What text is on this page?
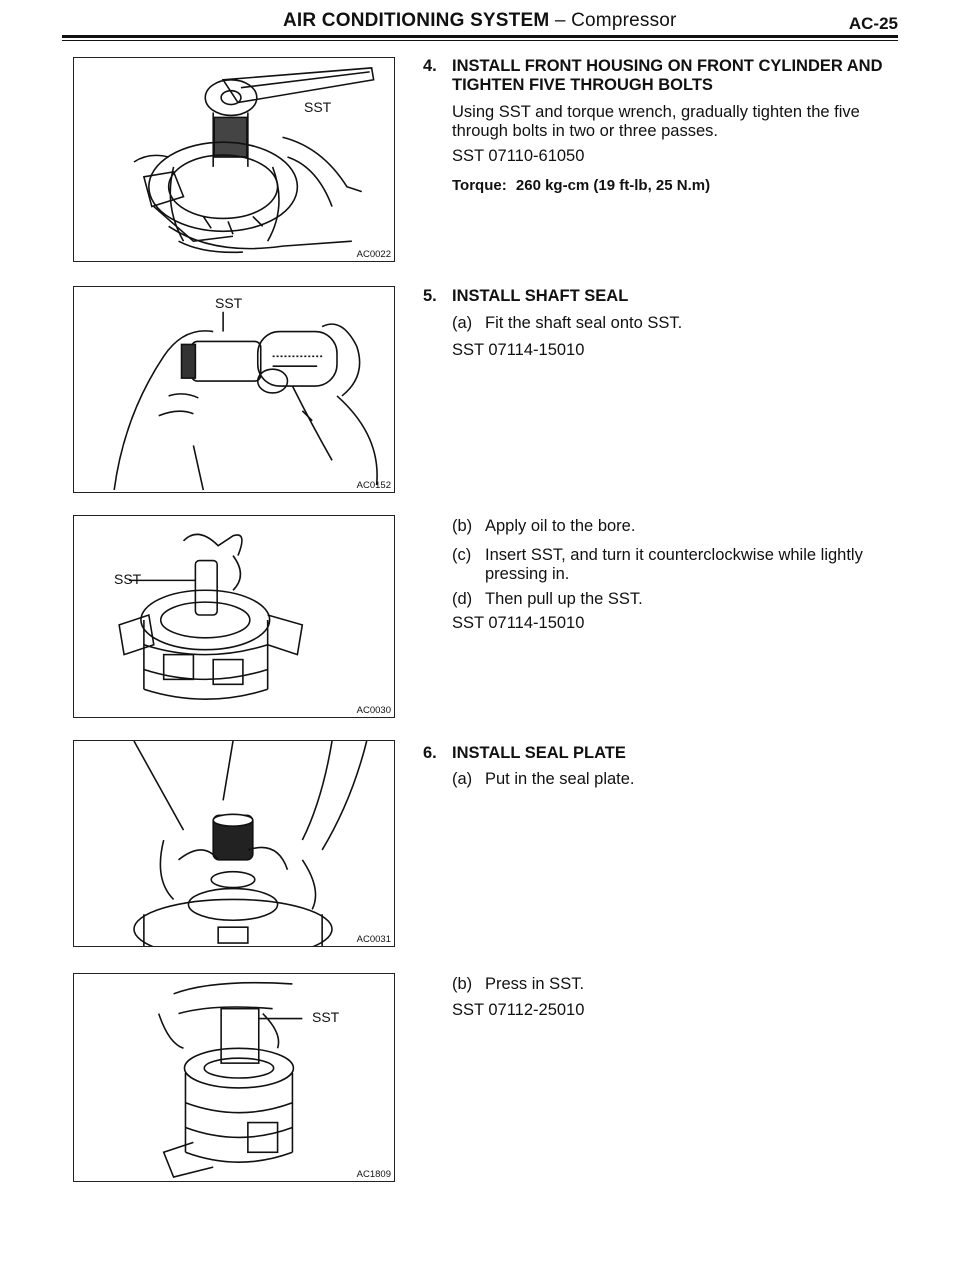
AIR CONDITIONING SYSTEM – Compressor	AC-25
SST
AC0022
SST
AC0152
SST
AC0030
AC0031
SST
AC1809
4. INSTALL FRONT HOUSING ON FRONT CYLINDER AND TIGHTEN FIVE THROUGH BOLTS
Using SST and torque wrench, gradually tighten the five through bolts in two or three passes.
SST 07110-61050
Torque: 260 kg-cm (19 ft-lb, 25 N.m)
5. INSTALL SHAFT SEAL
(a) Fit the shaft seal onto SST.
SST 07114-15010
(b) Apply oil to the bore.
(c) Insert SST, and turn it counterclockwise while lightly pressing in.
(d) Then pull up the SST.
SST 07114-15010
6. INSTALL SEAL PLATE
(a) Put in the seal plate.
(b) Press in SST.
SST 07112-25010
